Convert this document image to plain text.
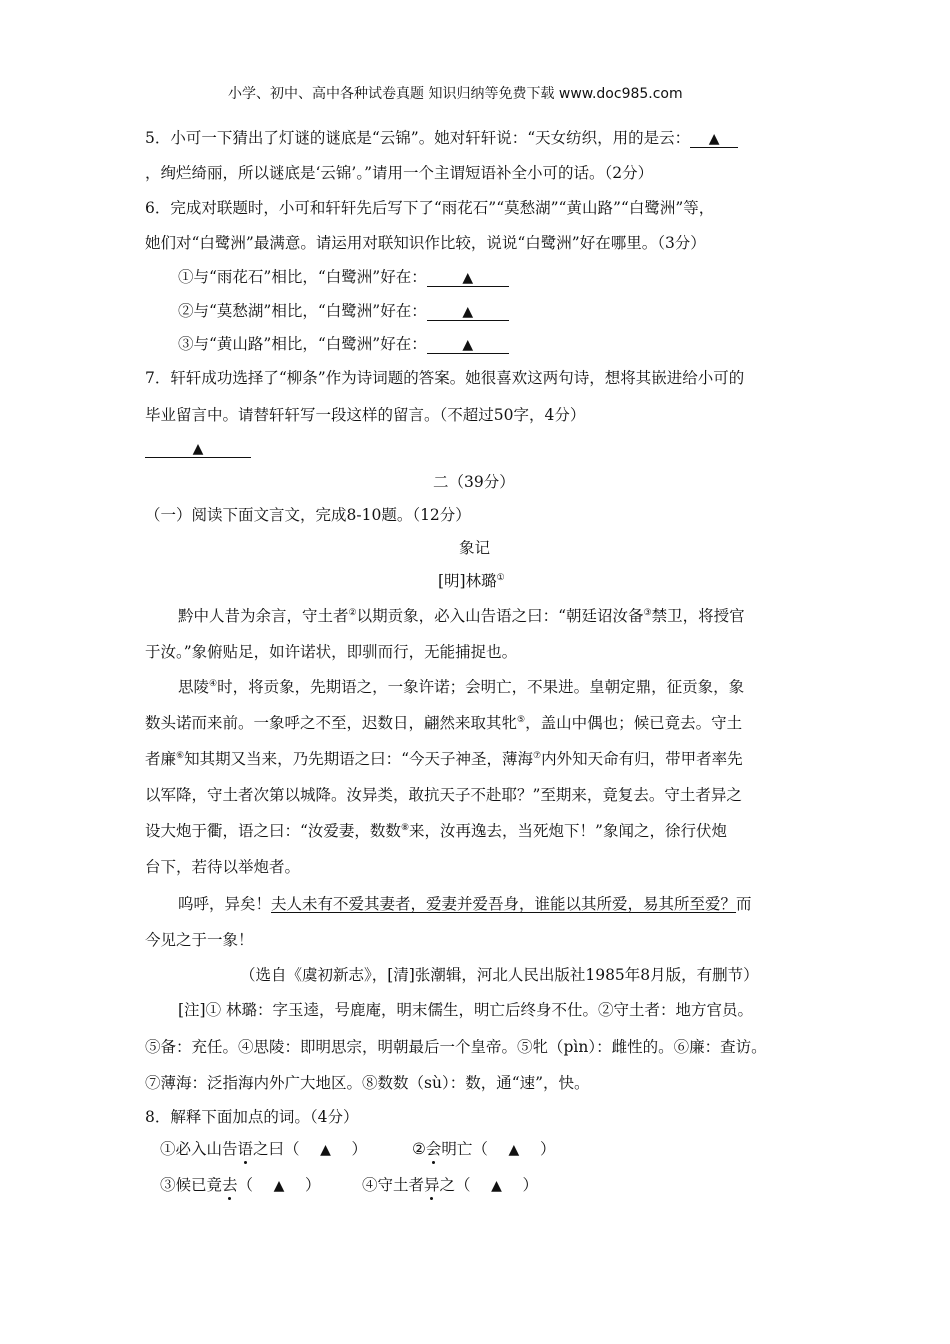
小学、初中、高中各种试卷真题 知识归纳等免费下载 www.doc985.com
5．小可一下猜出了灯谜的谜底是“云锦”。她对轩轩说：“天女纺织，用的是云： ▲
，绚烂绮丽，所以谜底是‘云锦’。”请用一个主谓短语补全小可的话。（2分）
6．完成对联题时，小可和轩轩先后写下了“雨花石”“莫愁湖”“黄山路”“白鹭洲”等，
她们对“白鹭洲”最满意。请运用对联知识作比较，说说“白鹭洲”好在哪里。（3分）
①与“雨花石”相比，“白鹭洲”好在：	▲
②与“莫愁湖”相比，“白鹭洲”好在：	▲
③与“黄山路”相比，“白鹭洲”好在：	▲
7．轩轩成功选择了“柳条”作为诗词题的答案。她很喜欢这两句诗，想将其嵌进给小可的
毕业留言中。请替轩轩写一段这样的留言。（不超过50字，4分）
▲
二（39分）
（一）阅读下面文言文，完成8-10题。（12分）
象记
[明]林璐①
黔中人昔为余言，守土者②以期贡象，必入山告语之曰：“朝廷诏汝备③禁卫，将授官
于汝。”象俯贴足，如许诺状，即驯而行，无能捕捉也。
思陵④时，将贡象，先期语之，一象许诺；会明亡，不果进。皇朝定鼎，征贡象，象
数头诺而来前。一象呼之不至，迟数日，翩然来取其牝⑤，盖山中偶也；候已竟去。守土
者廉⑥知其期又当来，乃先期语之曰：“今天子神圣，薄海⑦内外知天命有归，带甲者率先
以军降，守土者次第以城降。汝异类，敢抗天子不赴耶？”至期来，竟复去。守土者异之
设大炮于衢，语之曰：“汝爱妻，数数⑧来，汝再逸去，当死炮下！”象闻之，徐行伏炮
台下，若待以举炮者。
呜呼，异矣！夫人未有不爱其妻者，爱妻并爱吾身，谁能以其所爱，易其所至爱？而
今见之于一象！
（选自《虞初新志》，[清]张潮辑，河北人民出版社1985年8月版，有删节）
[注]① 林璐：字玉逵，号鹿庵，明末儒生，明亡后终身不仕。②守土者：地方官员。
⑤备：充任。④思陵：即明思宗，明朝最后一个皇帝。⑤牝（pìn）：雌性的。⑥廉：查访。
⑦薄海：泛指海内外广大地区。⑧数数（sù）：数，通“速”，快。
8．解释下面加点的词。（4分）
①必入山告语之曰（ ▲ ）	②会明亡（ ▲ ）
③候已竟去（ ▲ ）	④守土者异之（ ▲ ）
